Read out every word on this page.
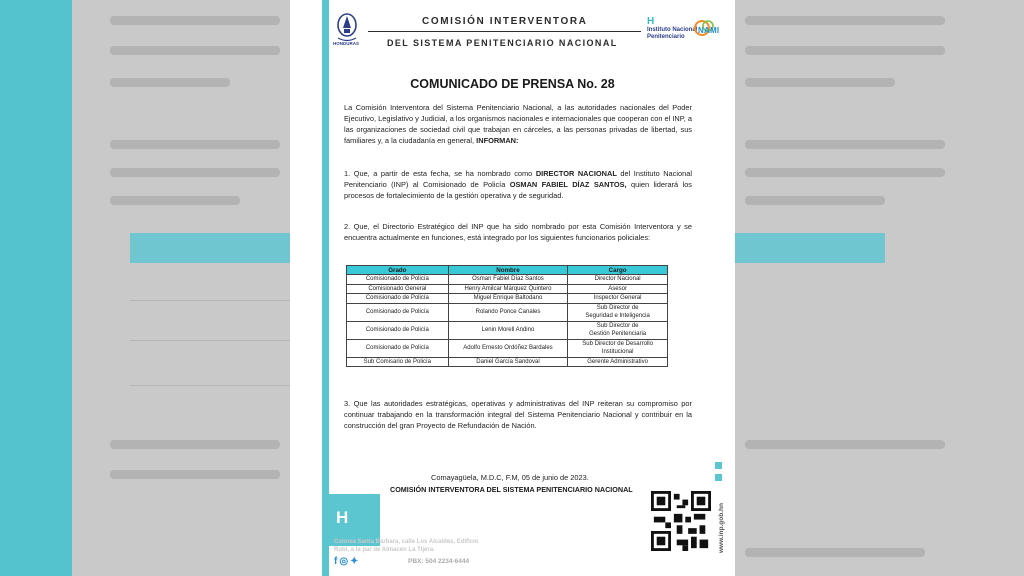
HONDURAS
COMISIÓN INTERVENTORA
DEL SISTEMA PENITENCIARIO NACIONAL
H
Instituto Nacional
Penitenciario
NAMI
COMUNICADO DE PRENSA No. 28
La Comisión Interventora del Sistema Penitenciario Nacional, a las autoridades nacionales del Poder Ejecutivo, Legislativo y Judicial, a los organismos nacionales e internacionales que cooperan con el INP, a las organizaciones de sociedad civil que trabajan en cárceles, a las personas privadas de libertad, sus familiares y, a la ciudadanía en general, INFORMAN:
1. Que, a partir de esta fecha, se ha nombrado como DIRECTOR NACIONAL del Instituto Nacional Penitenciario (INP) al Comisionado de Policía OSMAN FABIEL DÍAZ SANTOS, quien liderará los procesos de fortalecimiento de la gestión operativa y de seguridad.
2. Que, el Directorio Estratégico del INP que ha sido nombrado por esta Comisión Interventora y se encuentra actualmente en funciones, está integrado por los siguientes funcionarios policiales:
Grado	Nombre	Cargo
Comisionado de Policía	Osman Fabiel Díaz Santos	Director Nacional
Comisionado General	Henry Amilcar Márquez Quintero	Asesor
Comisionado de Policía	Miguel Enrique Baltodano	Inspector General
Comisionado de Policía	Rolando Ponce Canales	Sub Director de
Seguridad e Inteligencia
Comisionado de Policía	Lenin Morell Andino	Sub Director de
Gestión Penitenciaria
Comisionado de Policía	Adolfo Ernesto Ordóñez Bardales	Sub Director de Desarrollo
Institucional
Sub Comisario de Policía	Daniel García Sandoval	Gerente Administrativo
3. Que las autoridades estratégicas, operativas y administrativas del INP reiteran su compromiso por continuar trabajando en la transformación integral del Sistema Penitenciario Nacional y contribuir en la construcción del gran Proyecto de Refundación de Nación.
Comayagüela, M.D.C, F.M, 05 de junio de 2023.
COMISIÓN INTERVENTORA DEL SISTEMA PENITENCIARIO NACIONAL
H
Colonia Santa Bárbara, calle Los Alcaldes, Edificio
Rubí, a la par de Almacén La Tijera.
f◎✦	PBX: 504 2234-6444
www.inp.gob.hn
